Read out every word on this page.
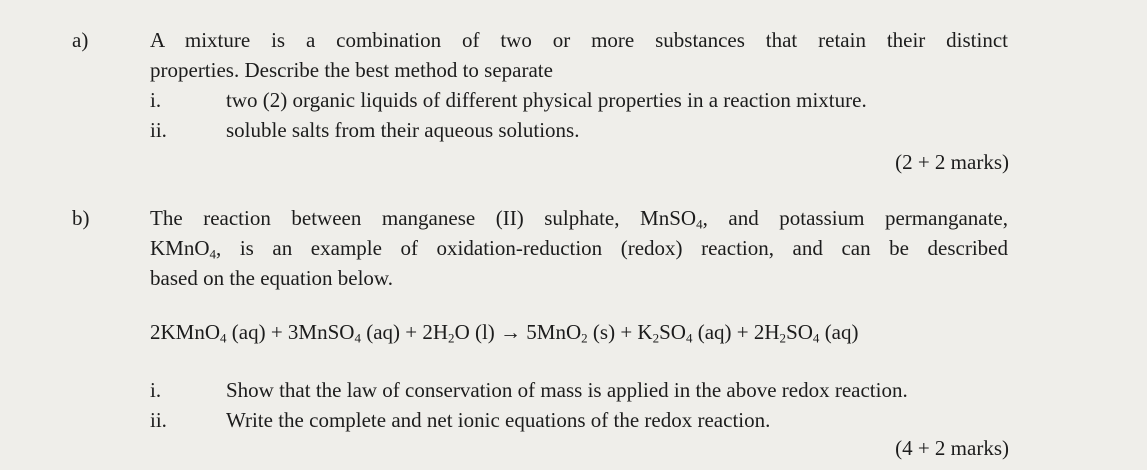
a)	A mixture is a combination of two or more substances that retain their distinct
properties. Describe the best method to separate
i.	two (2) organic liquids of different physical properties in a reaction mixture.
ii.	soluble salts from their aqueous solutions.
(2 + 2 marks)
b)	The reaction between manganese (II) sulphate, MnSO$_4$, and potassium permanganate,
KMnO$_4$, is an example of oxidation-reduction (redox) reaction, and can be described
based on the equation below.
2KMnO$_4$ (aq) + 3MnSO$_4$ $(aq) + 2H_2O$ (l) → 5MnO$_2$ $(s) + K_2SO_4$ $(aq) + 2H_2SO_4$ (aq)
i.	Show that the law of conservation of mass is applied in the above redox reaction.
ii.	Write the complete and net ionic equations of the redox reaction.
(4 + 2 marks)
